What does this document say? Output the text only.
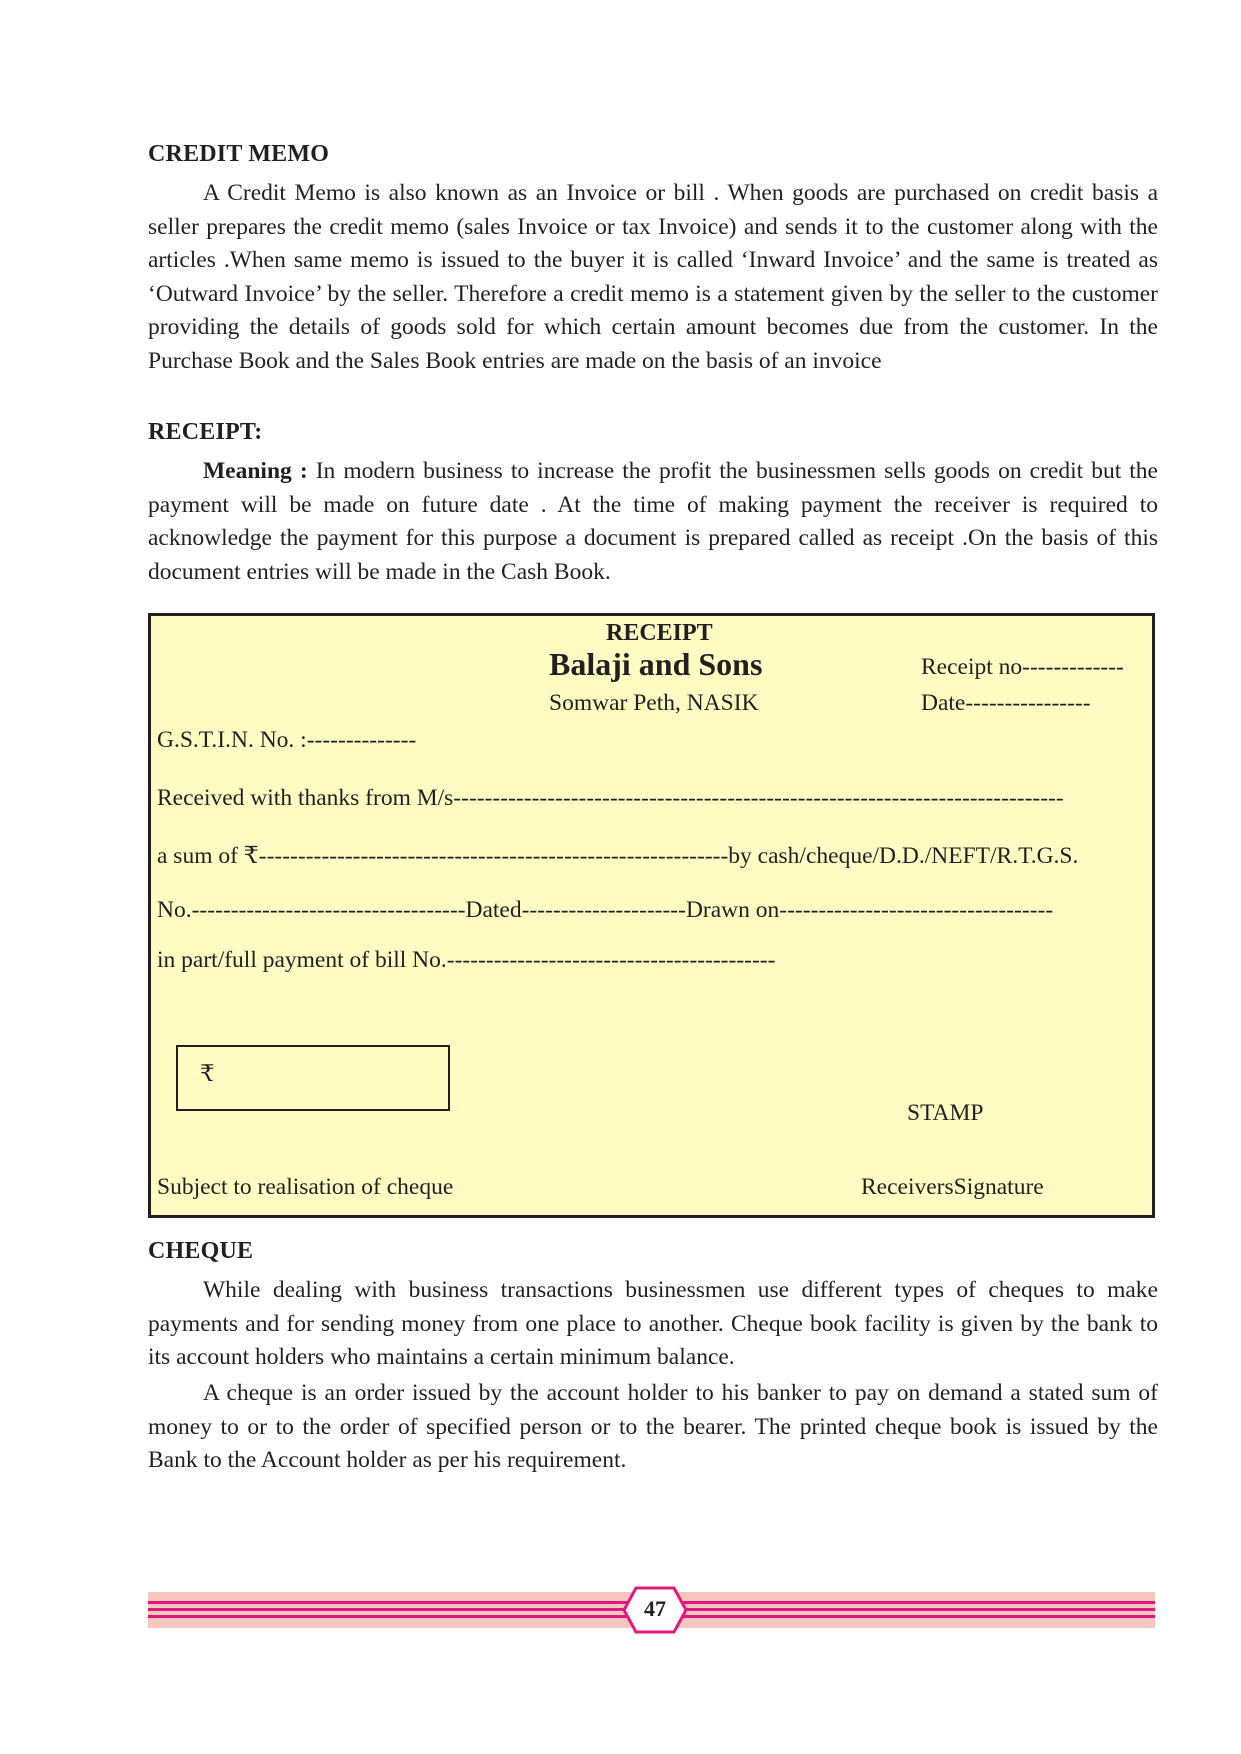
CREDIT MEMO

A Credit Memo is also known as an Invoice or bill . When goods are purchased on credit basis a seller prepares the credit memo (sales Invoice or tax Invoice) and sends it to the customer along with the articles .When same memo is issued to the buyer it is called ‘Inward Invoice’ and the same is treated as ‘Outward Invoice’ by the seller. Therefore a credit memo is a statement given by the seller to the customer providing the details of goods sold for which certain amount becomes due from the customer. In the Purchase Book and the Sales Book entries are made on the basis of an invoice

RECEIPT:

Meaning : In modern business to increase the profit the businessmen sells goods on credit but the payment will be made on future date . At the time of making payment the receiver is required to acknowledge the payment for this purpose a document is prepared called as receipt .On the basis of this document entries will be made in the Cash Book.

RECEIPT
Balaji and Sons
Somwar Peth, NASIK
Receipt no-------------
Date----------------
G.S.T.I.N. No. :--------------
Received with thanks from M/s------------------------------------------------------------------------------
a sum of ₹------------------------------------------------------------by cash/cheque/D.D./NEFT/R.T.G.S.
No.-----------------------------------Dated---------------------Drawn on-----------------------------------
in part/full payment of bill No.------------------------------------------
₹
STAMP
Subject to realisation of cheque	ReceiversSignature
CHEQUE

While dealing with business transactions businessmen use different types of cheques to make payments and for sending money from one place to another. Cheque book facility is given by the bank to its account holders who maintains a certain minimum balance.

A cheque is an order issued by the account holder to his banker to pay on demand a stated sum of money to or to the order of specified person or to the bearer. The printed cheque book is issued by the Bank to the Account holder as per his requirement.

47
